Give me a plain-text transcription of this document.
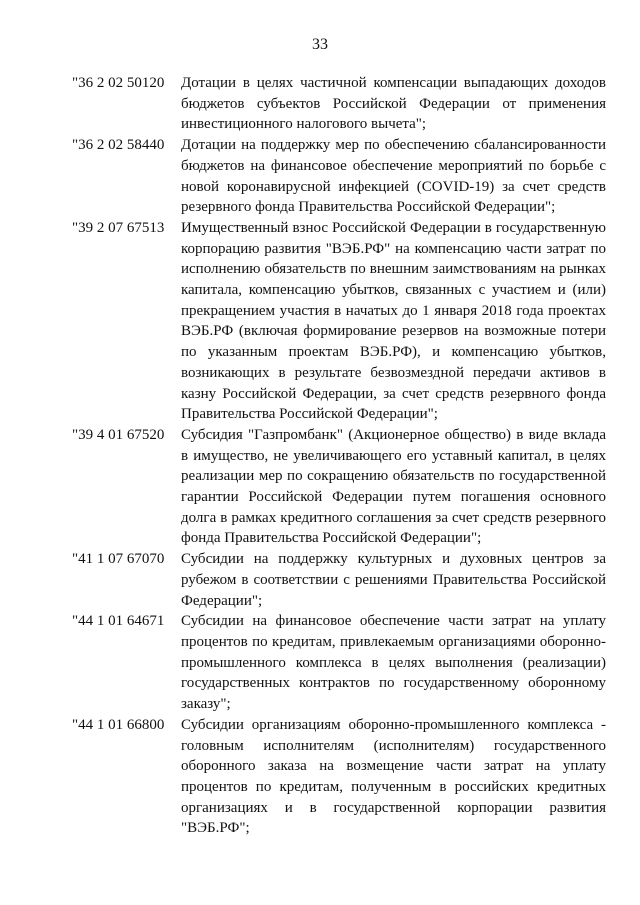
33
"36 2 02 50120	Дотации в целях частичной компенсации выпадающих доходов бюджетов субъектов Российской Федерации от применения инвестиционного налогового вычета";
"36 2 02 58440	Дотации на поддержку мер по обеспечению сбалансированности бюджетов на финансовое обеспечение мероприятий по борьбе с новой коронавирусной инфекцией (COVID-19) за счет средств резервного фонда Правительства Российской Федерации";
"39 2 07 67513	Имущественный взнос Российской Федерации в государственную корпорацию развития "ВЭБ.РФ" на компенсацию части затрат по исполнению обязательств по внешним заимствованиям на рынках капитала, компенсацию убытков, связанных с участием и (или) прекращением участия в начатых до 1 января 2018 года проектах ВЭБ.РФ (включая формирование резервов на возможные потери по указанным проектам ВЭБ.РФ), и компенсацию убытков, возникающих в результате безвозмездной передачи активов в казну Российской Федерации, за счет средств резервного фонда Правительства Российской Федерации";
"39 4 01 67520	Субсидия "Газпромбанк" (Акционерное общество) в виде вклада в имущество, не увеличивающего его уставный капитал, в целях реализации мер по сокращению обязательств по государственной гарантии Российской Федерации путем погашения основного долга в рамках кредитного соглашения за счет средств резервного фонда Правительства Российской Федерации";
"41 1 07 67070	Субсидии на поддержку культурных и духовных центров за рубежом в соответствии с решениями Правительства Российской Федерации";
"44 1 01 64671	Субсидии на финансовое обеспечение части затрат на уплату процентов по кредитам, привлекаемым организациями оборонно-промышленного комплекса в целях выполнения (реализации) государственных контрактов по государственному оборонному заказу";
"44 1 01 66800	Субсидии организациям оборонно-промышленного комплекса - головным исполнителям (исполнителям) государственного оборонного заказа на возмещение части затрат на уплату процентов по кредитам, полученным в российских кредитных организациях и в государственной корпорации развития "ВЭБ.РФ";
